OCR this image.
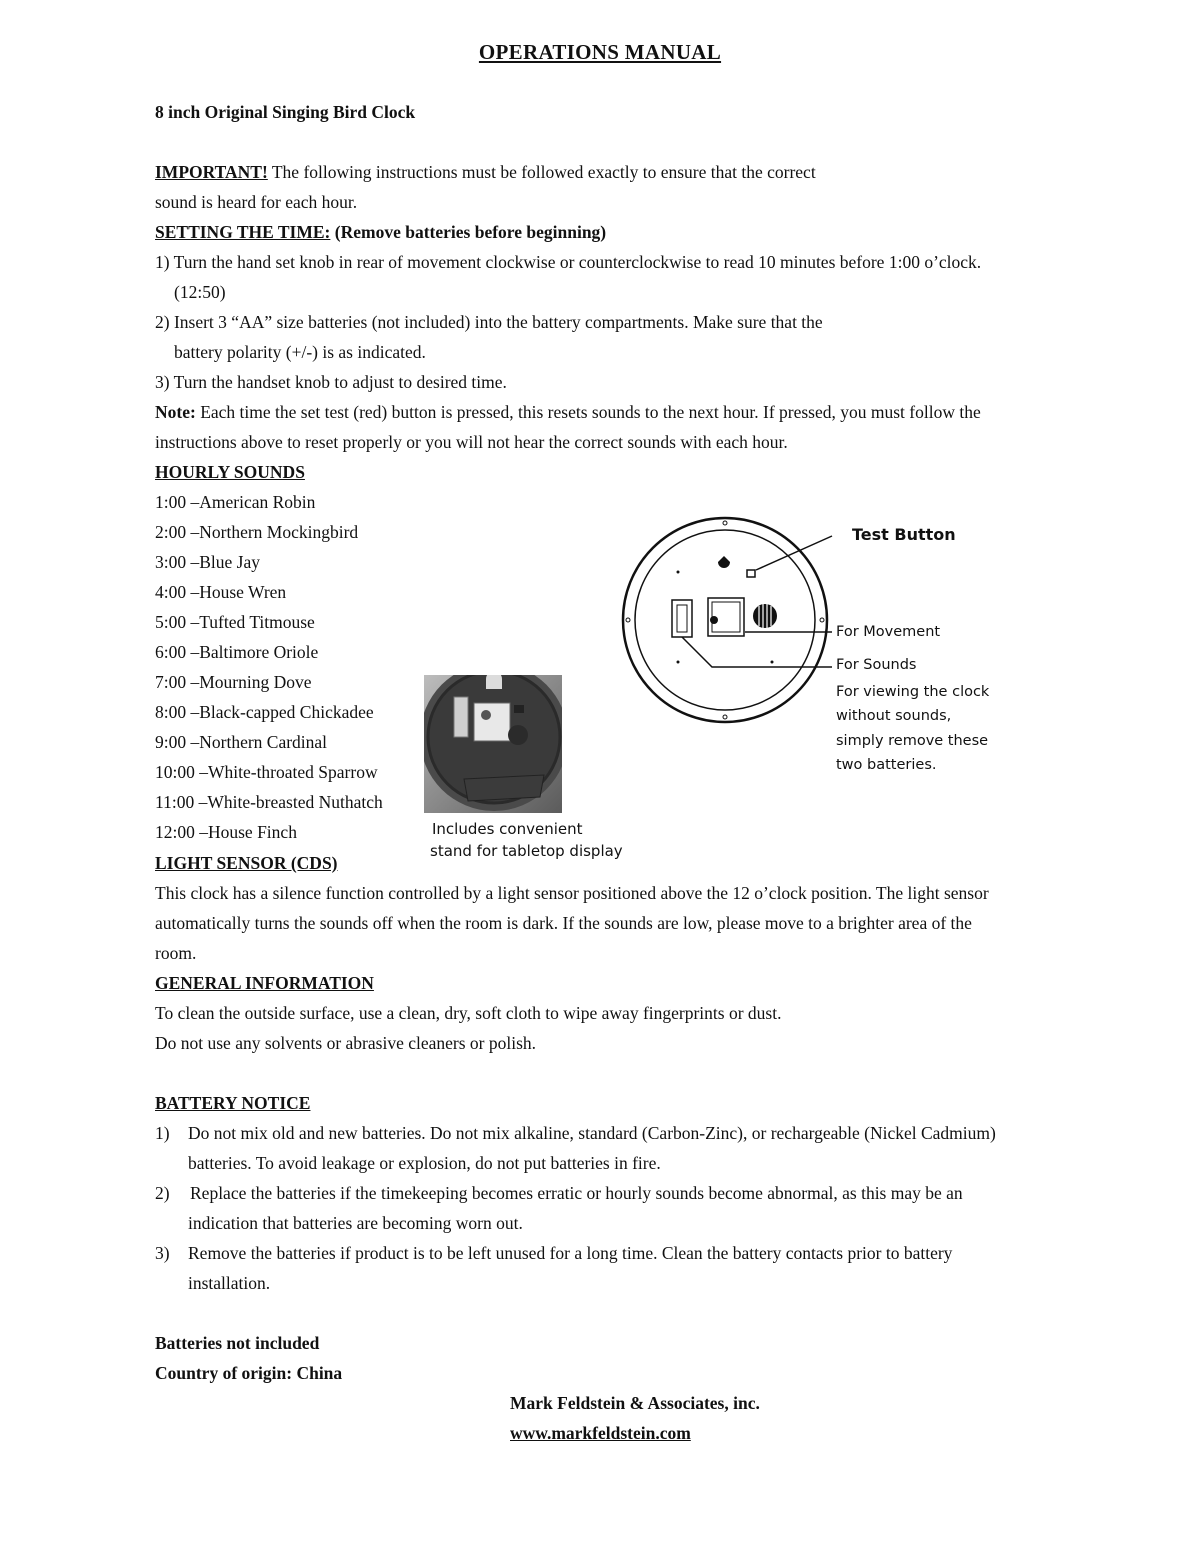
OPERATIONS MANUAL
8 inch Original Singing Bird Clock
IMPORTANT! The following instructions must be followed exactly to ensure that the correct
sound is heard for each hour.
SETTING THE TIME: (Remove batteries before beginning)
1) Turn the hand set knob in rear of movement clockwise or counterclockwise to read 10 minutes before 1:00 o’clock.
(12:50)
2) Insert 3 “AA” size batteries (not included) into the battery compartments. Make sure that the
battery polarity (+/-) is as indicated.
3) Turn the handset knob to adjust to desired time.
Note: Each time the set test (red) button is pressed, this resets sounds to the next hour. If pressed, you must follow the
instructions above to reset properly or you will not hear the correct sounds with each hour.
HOURLY SOUNDS
1:00 –American Robin
2:00 –Northern Mockingbird
3:00 –Blue Jay
4:00 –House Wren
5:00 –Tufted Titmouse
6:00 –Baltimore Oriole
7:00 –Mourning Dove
8:00 –Black-capped Chickadee
9:00 –Northern Cardinal
10:00 –White-throated Sparrow
11:00 –White-breasted Nuthatch
12:00 –House Finch	Includes convenient
stand for tabletop display
Test Button
For Movement
For Sounds
For viewing the clock
without sounds,
simply remove these
two batteries.
LIGHT SENSOR (CDS)
This clock has a silence function controlled by a light sensor positioned above the 12 o’clock position. The light sensor
automatically turns the sounds off when the room is dark. If the sounds are low, please move to a brighter area of the
room.
GENERAL INFORMATION
To clean the outside surface, use a clean, dry, soft cloth to wipe away fingerprints or dust.
Do not use any solvents or abrasive cleaners or polish.
BATTERY NOTICE
1) Do not mix old and new batteries. Do not mix alkaline, standard (Carbon-Zinc), or rechargeable (Nickel Cadmium)
batteries. To avoid leakage or explosion, do not put batteries in fire.
2) Replace the batteries if the timekeeping becomes erratic or hourly sounds become abnormal, as this may be an
indication that batteries are becoming worn out.
3) Remove the batteries if product is to be left unused for a long time. Clean the battery contacts prior to battery
installation.
Batteries not included
Country of origin: China
Mark Feldstein & Associates, inc.
www.markfeldstein.com
